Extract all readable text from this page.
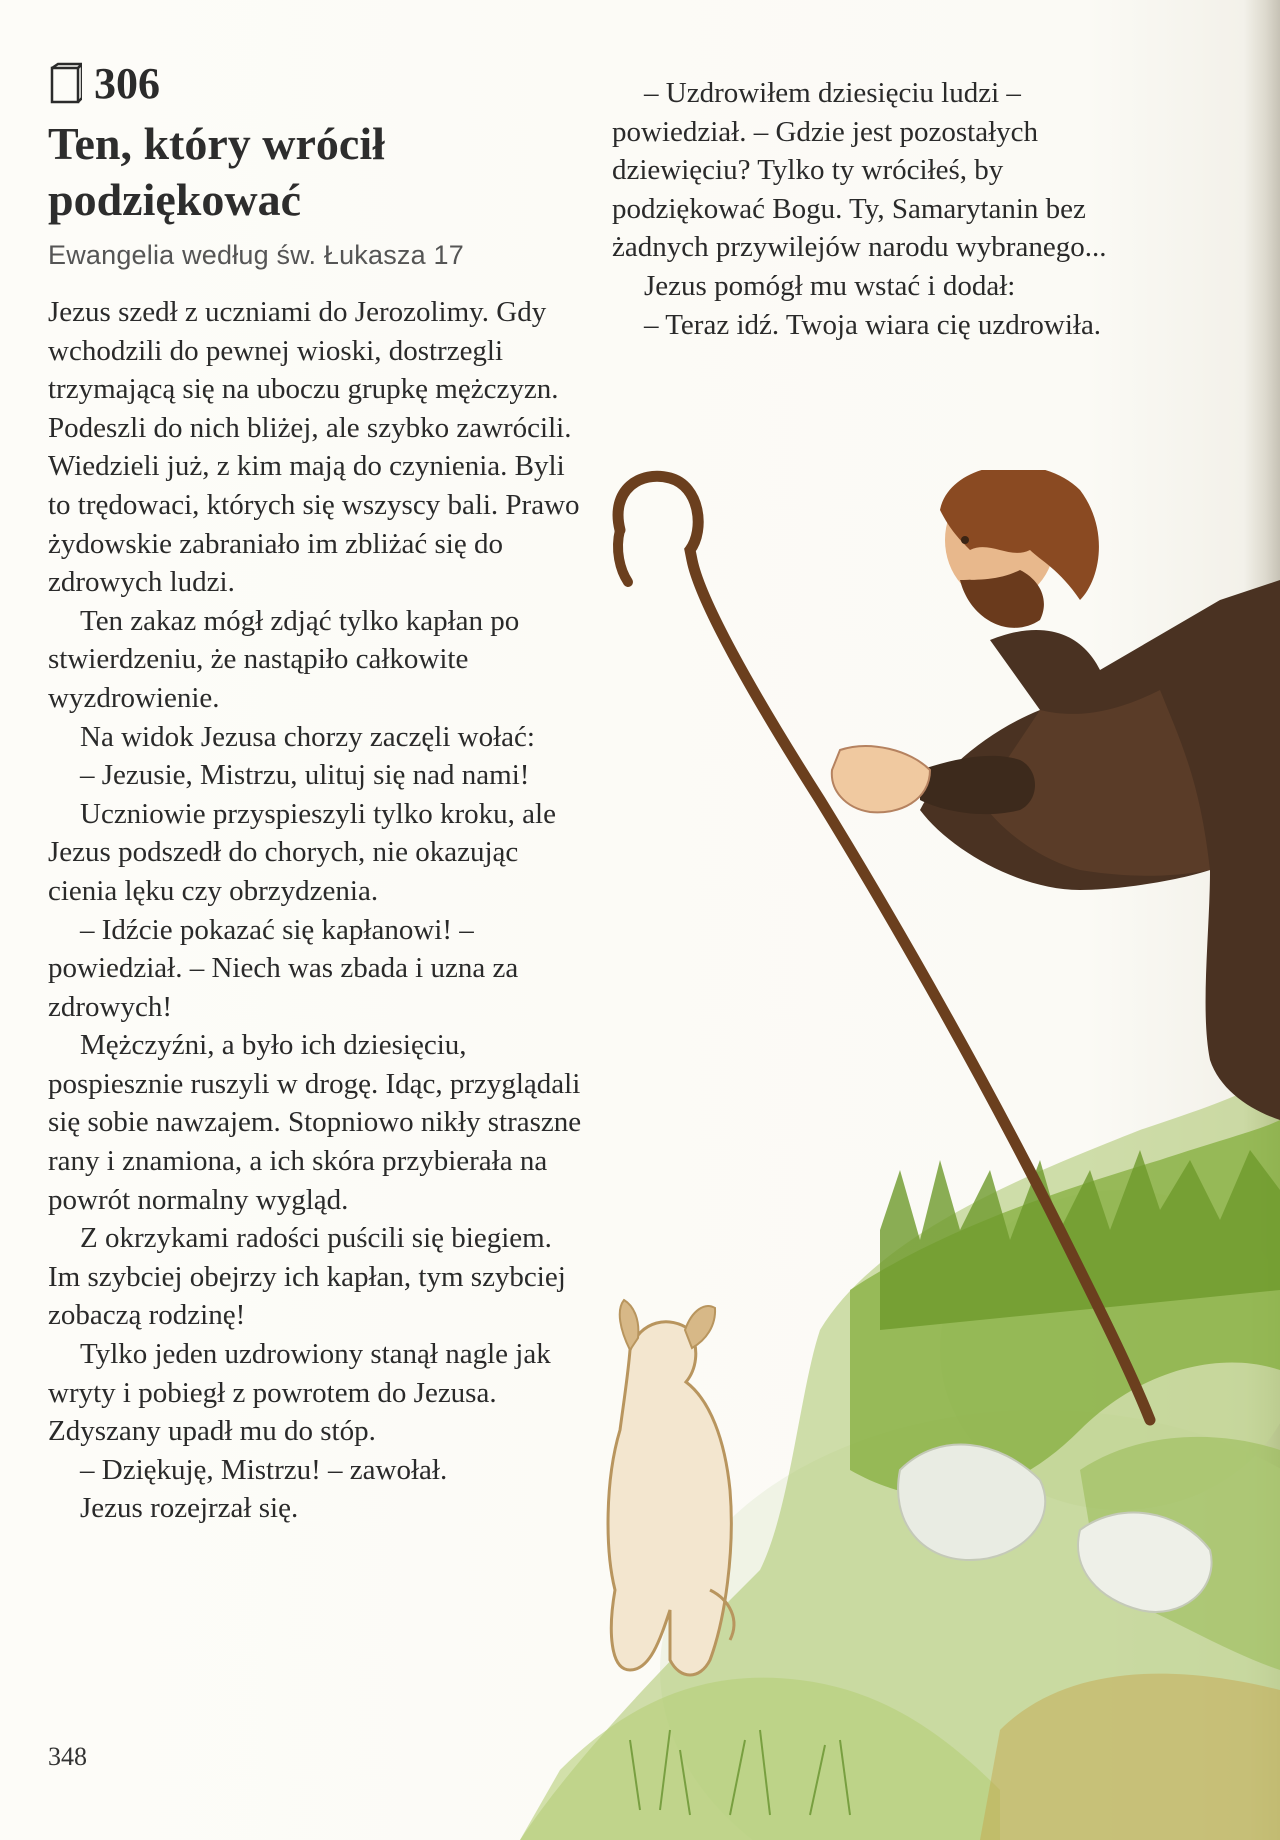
306
Ten, który wrócił
podziękować
Ewangelia według św. Łukasza 17

Jezus szedł z uczniami do Jerozolimy. Gdy wchodzili do pewnej wioski, dostrzegli trzymającą się na uboczu grupkę mężczyzn. Podeszli do nich bliżej, ale szybko zawrócili. Wiedzieli już, z kim mają do czynienia. Byli to trędowaci, których się wszyscy bali. Prawo żydowskie zabraniało im zbliżać się do zdrowych ludzi.

Ten zakaz mógł zdjąć tylko kapłan po stwierdzeniu, że nastąpiło całkowite wyzdrowienie.

Na widok Jezusa chorzy zaczęli wołać:

– Jezusie, Mistrzu, ulituj się nad nami!

Uczniowie przyspieszyli tylko kroku, ale Jezus podszedł do chorych, nie okazując cienia lęku czy obrzydzenia.

– Idźcie pokazać się kapłanowi! – powiedział. – Niech was zbada i uzna za zdrowych!

Mężczyźni, a było ich dziesięciu, pospiesznie ruszyli w drogę. Idąc, przyglądali się sobie nawzajem. Stopniowo nikły straszne rany i znamiona, a ich skóra przybierała na powrót normalny wygląd.

Z okrzykami radości puścili się biegiem. Im szybciej obejrzy ich kapłan, tym szybciej zobaczą rodzinę!

Tylko jeden uzdrowiony stanął nagle jak wryty i pobiegł z powrotem do Jezusa. Zdyszany upadł mu do stóp.

– Dziękuję, Mistrzu! – zawołał.

Jezus rozejrzał się.

– Uzdrowiłem dziesięciu ludzi – powiedział. – Gdzie jest pozostałych dziewięciu? Tylko ty wróciłeś, by podziękować Bogu. Ty, Samarytanin bez żadnych przywilejów narodu wybranego...

Jezus pomógł mu wstać i dodał:

– Teraz idź. Twoja wiara cię uzdrowiła.

348
